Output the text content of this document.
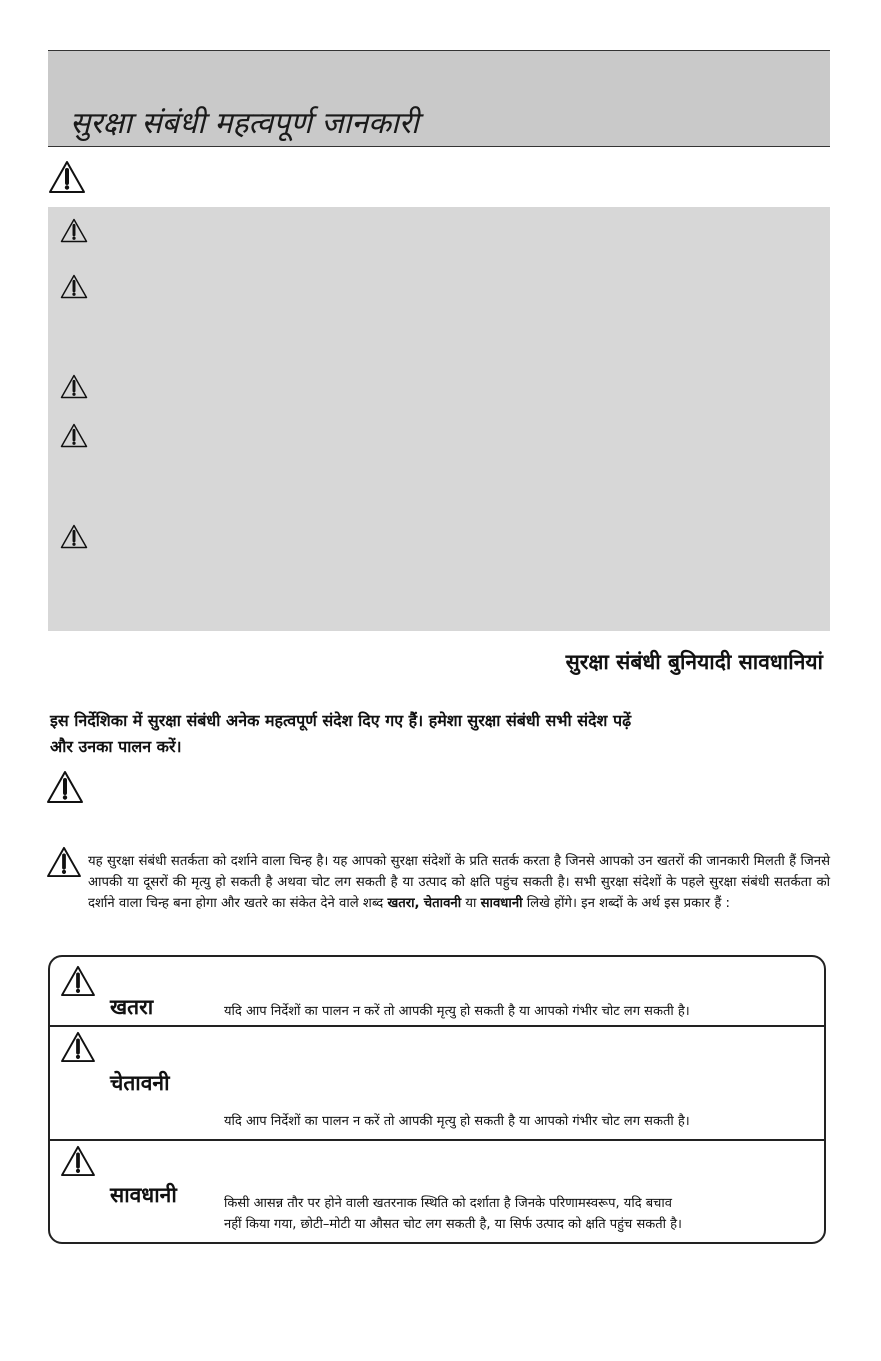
सुरक्षा संबंधी महत्वपूर्ण जानकारी
सुरक्षा संबंधी बुनियादी सावधानियां
इस निर्देशिका में सुरक्षा संबंधी अनेक महत्वपूर्ण संदेश दिए गए हैं। हमेशा सुरक्षा संबंधी सभी संदेश पढ़ें
और उनका पालन करें।
यह सुरक्षा संबंधी सतर्कता को दर्शाने वाला चिन्ह है। यह आपको सुरक्षा संदेशों के प्रति सतर्क करता है जिनसे आपको उन खतरों की जानकारी मिलती हैं जिनसे आपकी या दूसरों की मृत्यु हो सकती है अथवा चोट लग सकती है या उत्पाद को क्षति पहुंच सकती है। सभी सुरक्षा संदेशों के पहले सुरक्षा संबंधी सतर्कता को दर्शाने वाला चिन्ह बना होगा और खतरे का संकेत देने वाले शब्द खतरा, चेतावनी या सावधानी लिखे होंगे। इन शब्दों के अर्थ इस प्रकार हैं :
खतरा	यदि आप निर्देशों का पालन न करें तो आपकी मृत्यु हो सकती है या आपको गंभीर चोट लग सकती है।
चेतावनी
यदि आप निर्देशों का पालन न करें तो आपकी मृत्यु हो सकती है या आपको गंभीर चोट लग सकती है।
सावधानी	किसी आसन्न तौर पर होने वाली खतरनाक स्थिति को दर्शाता है जिनके परिणामस्वरूप, यदि बचाव
नहीं किया गया, छोटी–मोटी या औसत चोट लग सकती है, या सिर्फ उत्पाद को क्षति पहुंच सकती है।
